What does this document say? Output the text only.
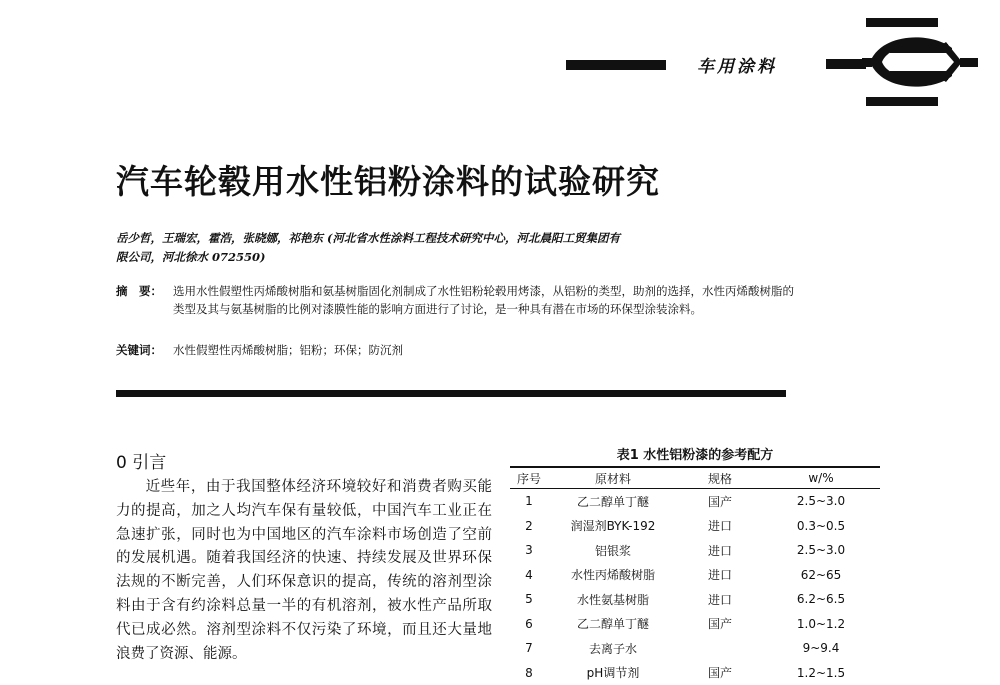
车用涂料
汽车轮毂用水性铝粉涂料的试验研究
岳少哲，王瑞宏，霍浩，张晓娜，祁艳东 (河北省水性涂料工程技术研究中心，河北晨阳工贸集团有
限公司，河北徐水 072550)
摘　要： 选用水性假塑性丙烯酸树脂和氨基树脂固化剂制成了水性铝粉轮毂用烤漆，从铝粉的类型，助剂的选择，水性丙烯酸树脂的类型及其与氨基树脂的比例对漆膜性能的影响方面进行了讨论，是一种具有潜在市场的环保型涂装涂料。
关键词： 水性假塑性丙烯酸树脂；铝粉；环保；防沉剂
0 引言

近些年，由于我国整体经济环境较好和消费者购买能力的提高，加之人均汽车保有量较低，中国汽车工业正在急速扩张，同时也为中国地区的汽车涂料市场创造了空前的发展机遇。随着我国经济的快速、持续发展及世界环保法规的不断完善，人们环保意识的提高，传统的溶剂型涂料由于含有约涂料总量一半的有机溶剂，被水性产品所取代已成必然。溶剂型涂料不仅污染了环境，而且还大量地浪费了资源、能源。

表1 水性铝粉漆的参考配方
序号	原材料	规格	w/%
1	乙二醇单丁醚	国产	2.5~3.0
2	润湿剂BYK-192	进口	0.3~0.5
3	铝银浆	进口	2.5~3.0
4	水性丙烯酸树脂	进口	62~65
5	水性氨基树脂	进口	6.2~6.5
6	乙二醇单丁醚	国产	1.0~1.2
7	去离子水		9~9.4
8	pH调节剂	国产	1.2~1.5
